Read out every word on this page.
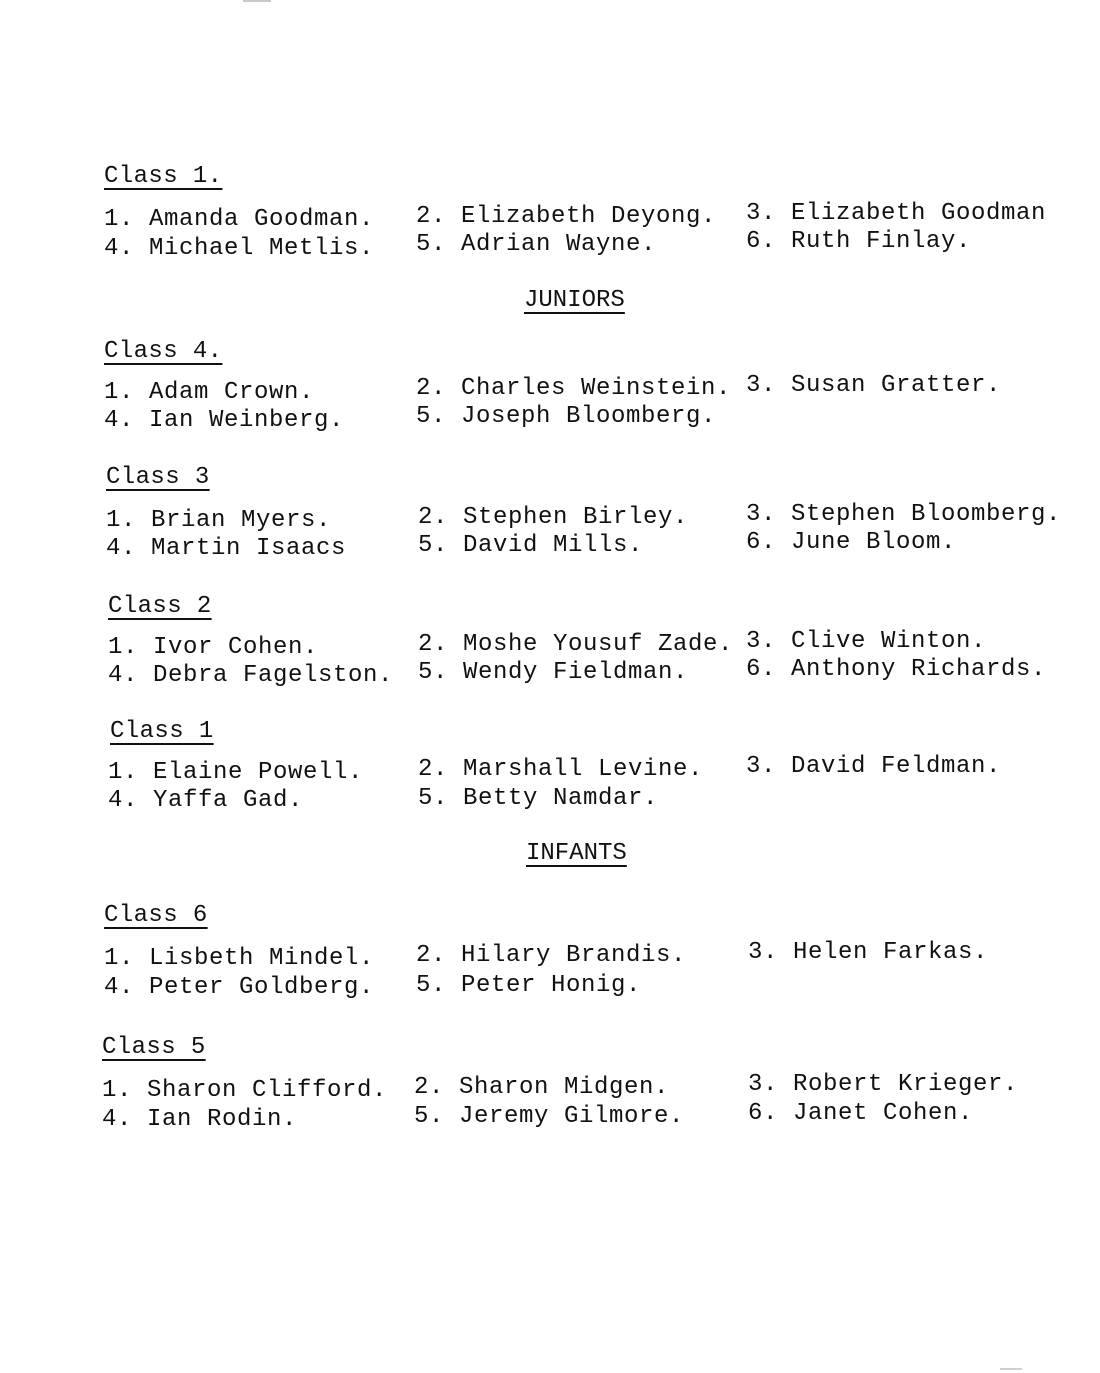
Class 1.
1. Amanda Goodman. 2. Elizabeth Deyong. 3. Elizabeth Goodman
4. Michael Metlis. 5. Adrian Wayne.	6. Ruth Finlay.
JUNIORS
Class 4.
1. Adam Crown.	2. Charles Weinstein. 3. Susan Gratter.
4. Ian Weinberg.	5. Joseph Bloomberg.
Class 3
1. Brian Myers.	2. Stephen Birley. 3. Stephen Bloomberg.
4. Martin Isaacs	5. David Mills.	6. June Bloom.
Class 2
1. Ivor Cohen.	2. Moshe Yousuf Zade. 3. Clive Winton.
4. Debra Fagelston. 5. Wendy Fieldman. 6. Anthony Richards.
Class 1
1. Elaine Powell. 2. Marshall Levine. 3. David Feldman.
4. Yaffa Gad.	5. Betty Namdar.
INFANTS
Class 6
1. Lisbeth Mindel. 2. Hilary Brandis.	3. Helen Farkas.
4. Peter Goldberg. 5. Peter Honig.
Class 5
1. Sharon Clifford. 2. Sharon Midgen.	3. Robert Krieger.
4. Ian Rodin.	5. Jeremy Gilmore.	6. Janet Cohen.
